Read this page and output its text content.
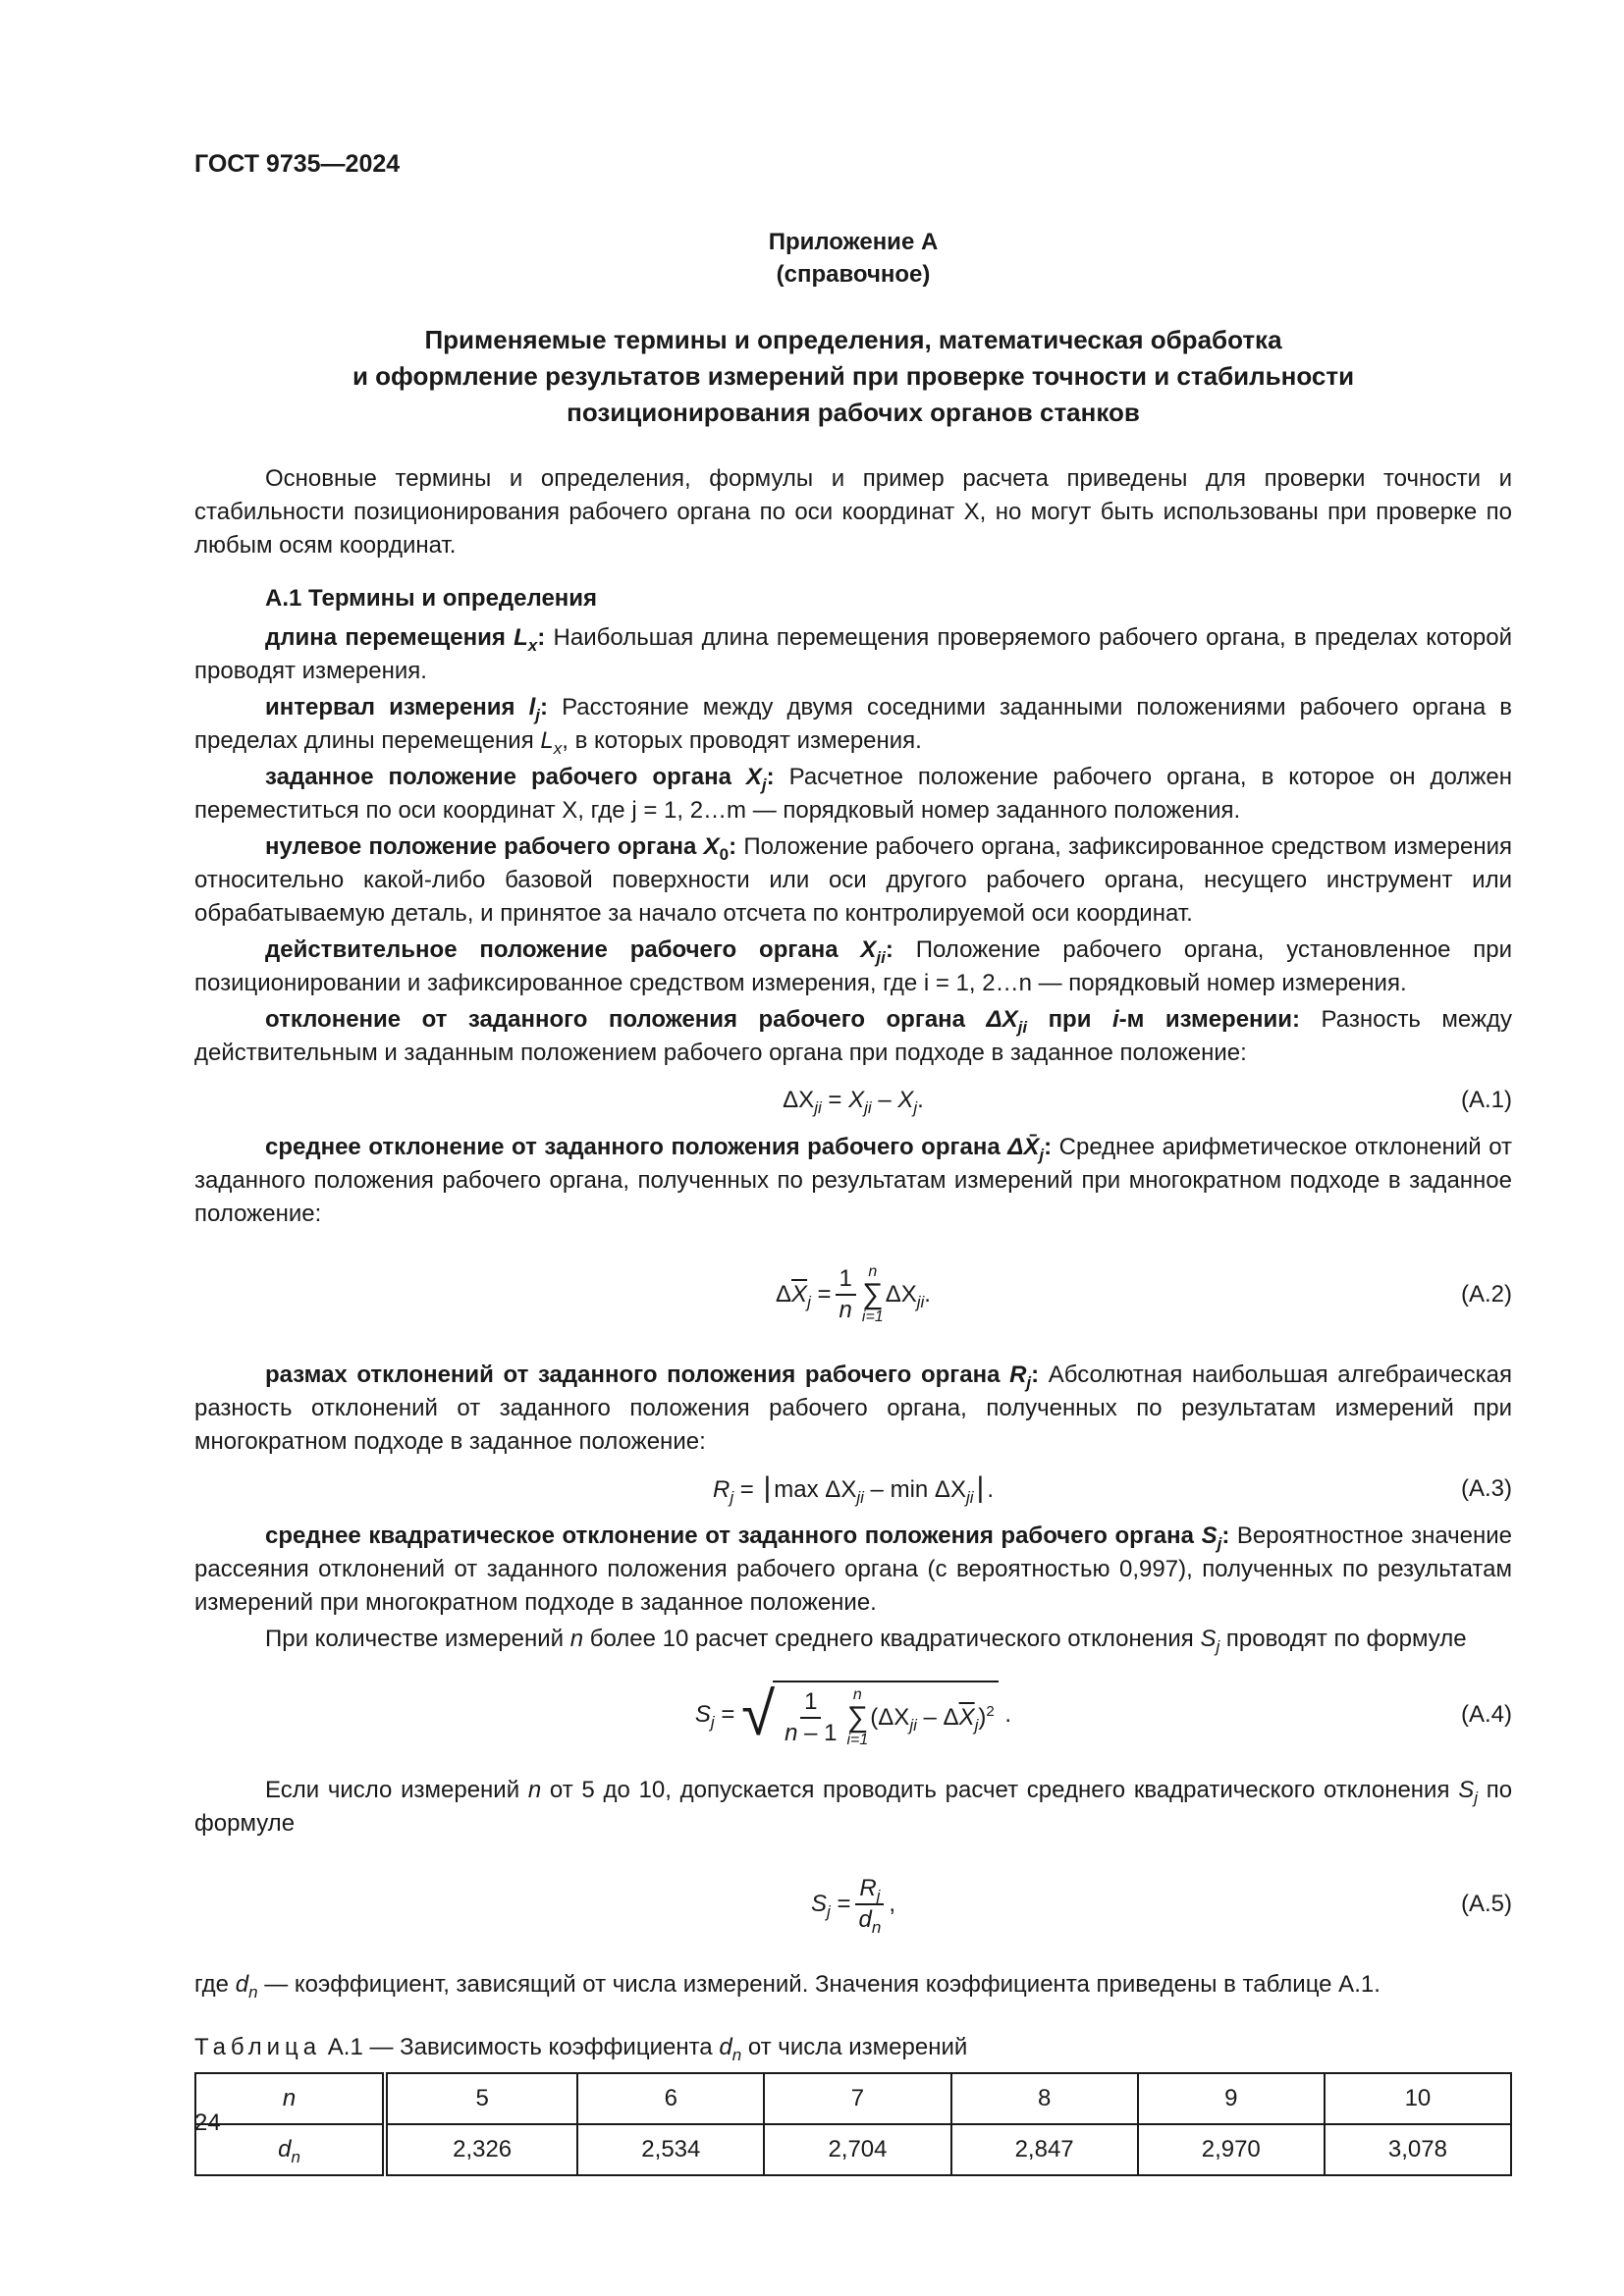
ГОСТ 9735—2024
Приложение А
(справочное)
Применяемые термины и определения, математическая обработка
и оформление результатов измерений при проверке точности и стабильности
позиционирования рабочих органов станков

Основные термины и определения, формулы и пример расчета приведены для проверки точности и стабильности позиционирования рабочего органа по оси координат X, но могут быть использованы при проверке по любым осям координат.

А.1 Термины и определения

длина перемещения $L_x$: Наибольшая длина перемещения проверяемого рабочего органа, в пределах которой проводят измерения.

интервал измерения $l_j$: Расстояние между двумя соседними заданными положениями рабочего органа в пределах длины перемещения $L_x$, в которых проводят измерения.

заданное положение рабочего органа $X_j$: Расчетное положение рабочего органа, в которое он должен переместиться по оси координат X, где j = 1, 2…m — порядковый номер заданного положения.

нулевое положение рабочего органа $X_0$: Положение рабочего органа, зафиксированное средством измерения относительно какой-либо базовой поверхности или оси другого рабочего органа, несущего инструмент или обрабатываемую деталь, и принятое за начало отсчета по контролируемой оси координат.

действительное положение рабочего органа $X_{ji}$: Положение рабочего органа, установленное при позиционировании и зафиксированное средством измерения, где i = 1, 2…n — порядковый номер измерения.

отклонение от заданного положения рабочего органа $\Delta X_{ji}$ при i-м измерении: Разность между действительным и заданным положением рабочего органа при подходе в заданное положение:

$\Delta X_{ji} = X_{ji} - X_j$.	(А.1)

среднее отклонение от заданного положения рабочего органа $\Delta X̄_j$: Среднее арифметическое отклонений от заданного положения рабочего органа, полученных по результатам измерений при многократном подходе в заданное положение:

$\Delta\overline{X}_j = \frac{1}{n}$ n
∑
i=1
$\Delta X_{ji}$.	(А.2)

размах отклонений от заданного положения рабочего органа $R_j$: Абсолютная наибольшая алгебраическая разность отклонений от заданного положения рабочего органа, полученных по результатам измерений при многократном подходе в заданное положение:

$R_j$ = | $\max \Delta X_{ji}$ – $\min \Delta X_{ji}$ | .	(А.3)

среднее квадратическое отклонение от заданного положения рабочего органа $S_j$: Вероятностное значение рассеяния отклонений от заданного положения рабочего органа (с вероятностью 0,997), полученных по результатам измерений при многократном подходе в заданное положение.

При количестве измерений n более 10 расчет среднего квадратического отклонения $S_j$ проводят по формуле

$S_j$ = √ $\frac{1}{n - 1}$ n
∑
i=1
$(\Delta X_{ji} - \Delta\overline{X}_j)^2$ .	(А.4)

Если число измерений n от 5 до 10, допускается проводить расчет среднего квадратического отклонения $S_j$ по формуле

$S_j = \frac{R_j}{d_n}$ ,	(А.5)

где $d_n$ — коэффициент, зависящий от числа измерений. Значения коэффициента приведены в таблице А.1.

Таблица А.1 — Зависимость коэффициента $d_n$ от числа измерений
n	5	6	7	8	9	10
$d_n$	2,326	2,534	2,704	2,847	2,970	3,078
24
